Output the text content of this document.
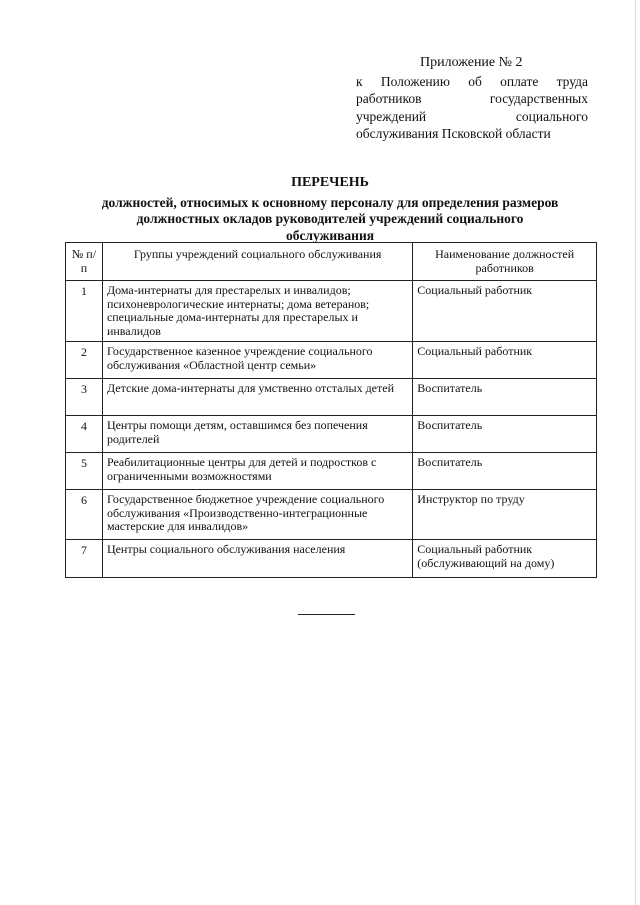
Приложение № 2
к Положению об оплате труда
работников государственных
учреждений социального
обслуживания Псковской области
ПЕРЕЧЕНЬ
должностей, относимых к основному персоналу для определения размеров
должностных окладов руководителей учреждений социального
обслуживания
№ п/п	Группы учреждений социального обслуживания	Наименование должностей работников
1	Дома-интернаты для престарелых и инвалидов; психоневрологические интернаты; дома ветеранов; специальные дома-интернаты для престарелых и инвалидов	Социальный работник
2	Государственное казенное учреждение социального обслуживания «Областной центр семьи»	Социальный работник
3	Детские дома-интернаты для умственно отсталых детей	Воспитатель
4	Центры помощи детям, оставшимся без попечения родителей	Воспитатель
5	Реабилитационные центры для детей и подростков с ограниченными возможностями	Воспитатель
6	Государственное бюджетное учреждение социального обслуживания «Производственно-интеграционные мастерские для инвалидов»	Инструктор по труду
7	Центры социального обслуживания населения	Социальный работник (обслуживающий на дому)
